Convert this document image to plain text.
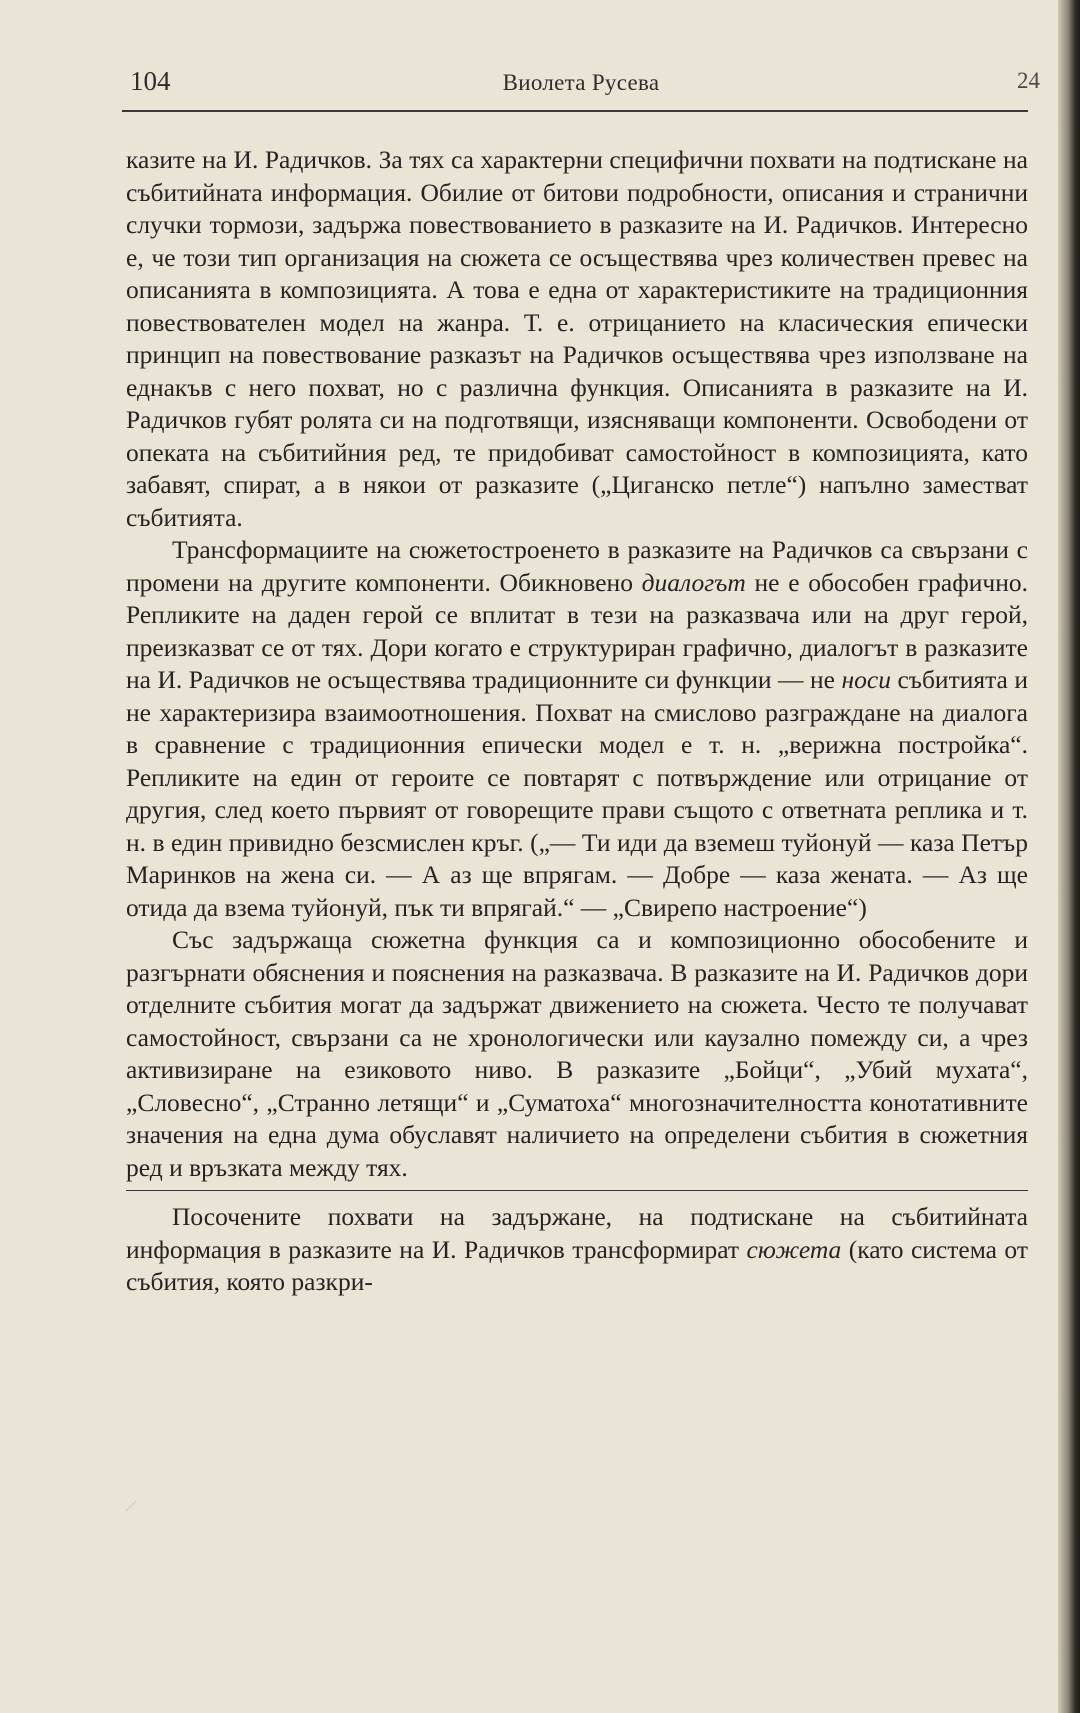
104	Виолета Русева	24

казите на И. Радичков. За тях са характерни специфични похвати на подтискане на събитийната информация. Обилие от битови подробности, описания и странични случки тормози, задържа повествованието в разказите на И. Радичков. Интересно е, че този тип организация на сюжета се осъществява чрез количествен превес на описанията в композицията. А това е една от характеристиките на традиционния повествователен модел на жанра. Т. е. отрицанието на класическия епически принцип на повествование разказът на Радичков осъществява чрез използване на еднакъв с него похват, но с различна функция. Описанията в разказите на И. Радичков губят ролята си на подготвящи, изясняващи компоненти. Освободени от опеката на събитийния ред, те придобиват самостойност в композицията, като забавят, спират, а в някои от разказите („Циганско петле“) напълно заместват събитията.

Трансформациите на сюжетостроенето в разказите на Радичков са свързани с промени на другите компоненти. Обикновено диалогът не е обособен графично. Репликите на даден герой се вплитат в тези на разказвача или на друг герой, преизказват се от тях. Дори когато е структуриран графично, диалогът в разказите на И. Радичков не осъществява традиционните си функции — не носи събитията и не характеризира взаимоотношения. Похват на смислово разграждане на диалога в сравнение с традиционния епически модел е т. н. „верижна постройка“. Репликите на един от героите се повтарят с потвърждение или отрицание от другия, след което първият от говорещите прави същото с ответната реплика и т. н. в един привидно безсмислен кръг. („— Ти иди да вземеш туйонуй — каза Петър Маринков на жена си. — А аз ще впрягам. — Добре — каза жената. — Аз ще отида да взема туйонуй, пък ти впрягай.“ — „Свирепо настроение“)

Със задържаща сюжетна функция са и композиционно обособените и разгърнати обяснения и пояснения на разказвача. В разказите на И. Радичков дори отделните събития могат да задържат движението на сюжета. Често те получават самостойност, свързани са не хронологически или каузално помежду си, а чрез активизиране на езиковото ниво. В разказите „Бойци“, „Убий мухата“, „Словесно“, „Странно летящи“ и „Суматоха“ многозначителността конотативните значения на една дума обуславят наличието на определени събития в сюжетния ред и връзката между тях.

Посочените похвати на задържане, на подтискане на събитийната информация в разказите на И. Радичков трансформират сюжета (като система от събития, която разкри-
